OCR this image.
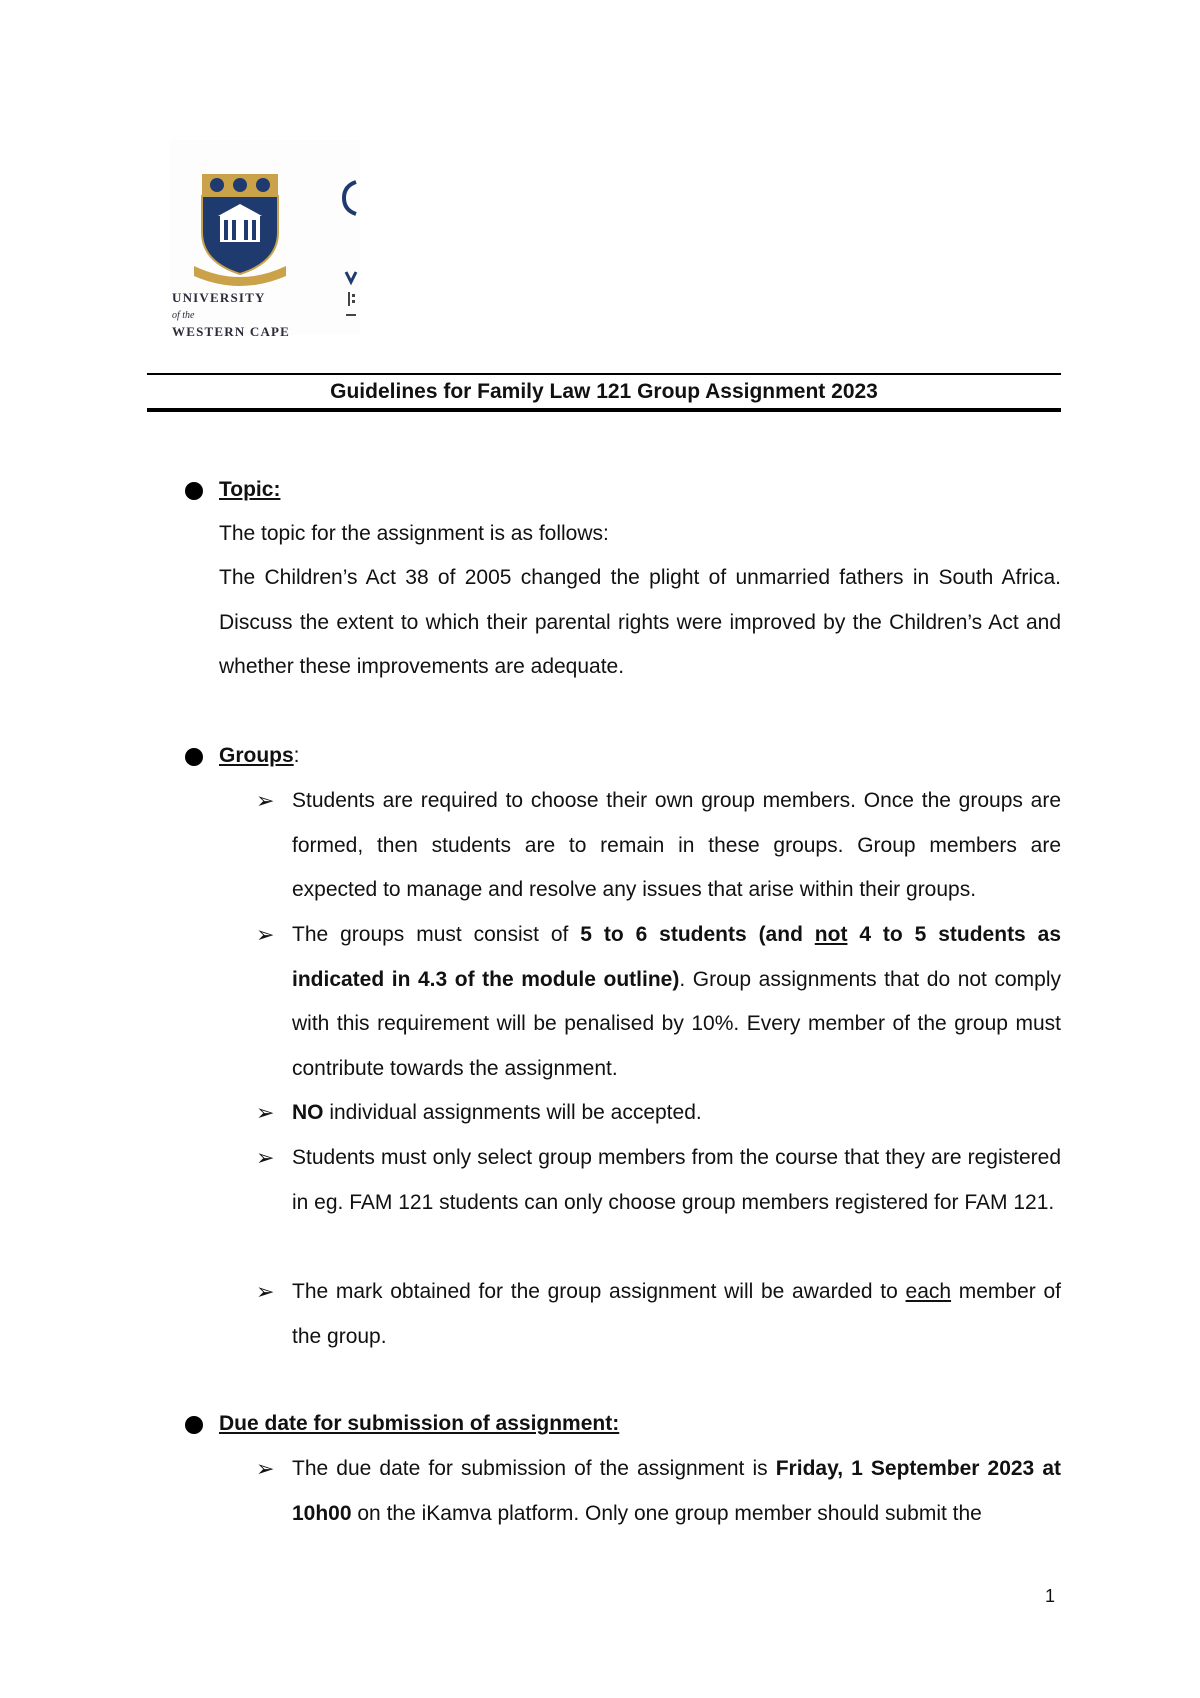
UNIVERSITY
of the
WESTERN CAPE
Guidelines for Family Law 121 Group Assignment 2023
Topic:
The topic for the assignment is as follows:
The Children’s Act 38 of 2005 changed the plight of unmarried fathers in South Africa. Discuss the extent to which their parental rights were improved by the Children’s Act and whether these improvements are adequate.
Groups:
➢ Students are required to choose their own group members. Once the groups are formed, then students are to remain in these groups. Group members are expected to manage and resolve any issues that arise within their groups.
➢ The groups must consist of 5 to 6 students (and not 4 to 5 students as indicated in 4.3 of the module outline). Group assignments that do not comply with this requirement will be penalised by 10%. Every member of the group must contribute towards the assignment.
➢ NO individual assignments will be accepted.
➢ Students must only select group members from the course that they are registered in eg. FAM 121 students can only choose group members registered for FAM 121.
➢ The mark obtained for the group assignment will be awarded to each member of the group.
Due date for submission of assignment:
➢ The due date for submission of the assignment is Friday, 1 September 2023 at 10h00 on the iKamva platform. Only one group member should submit the
1
